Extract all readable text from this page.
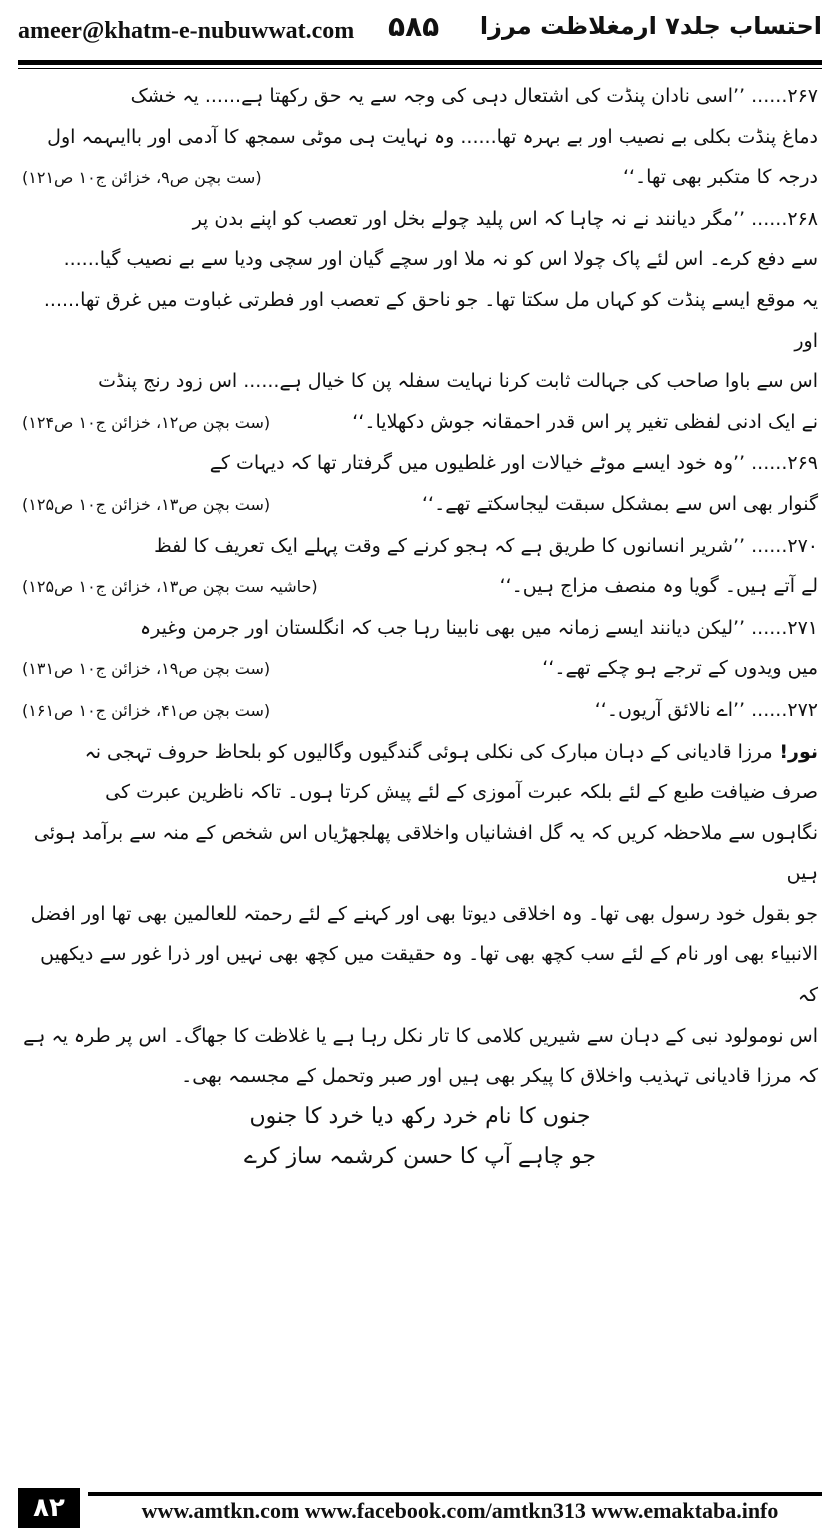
ameer@khatm-e-nubuwwat.com ۵۸۵ احتساب جلد۷ ارمغلاظت مرزا

۲۶۷...... ’’اسی نادان پنڈت کی اشتعال دہی کی وجہ سے یہ حق رکھتا ہے...... یہ خشک

دماغ پنڈت بکلی بے نصیب اور بے بہرہ تھا...... وہ نہایت ہی موٹی سمجھ کا آدمی اور باایںہمہ اول

درجہ کا متکبر بھی تھا۔‘‘
(ست بچن ص۹، خزائن ج۱۰ ص۱۲۱)

۲۶۸...... ’’مگر دیانند نے نہ چاہا کہ اس پلید چولے بخل اور تعصب کو اپنے بدن پر

سے دفع کرے۔ اس لئے پاک چولا اس کو نہ ملا اور سچے گیان اور سچی ودیا سے بے نصیب گیا......

یہ موقع ایسے پنڈت کو کہاں مل سکتا تھا۔ جو ناحق کے تعصب اور فطرتی غباوت میں غرق تھا...... اور

اس سے باوا صاحب کی جہالت ثابت کرنا نہایت سفلہ پن کا خیال ہے...... اس زود رنج پنڈت

نے ایک ادنی لفظی تغیر پر اس قدر احمقانہ جوش دکھلایا۔‘‘
(ست بچن ص۱۲، خزائن ج۱۰ ص۱۲۴)

۲۶۹...... ’’وہ خود ایسے موٹے خیالات اور غلطیوں میں گرفتار تھا کہ دیہات کے

گنوار بھی اس سے بمشکل سبقت لیجاسکتے تھے۔‘‘
(ست بچن ص۱۳، خزائن ج۱۰ ص۱۲۵)

۲۷۰...... ’’شریر انسانوں کا طریق ہے کہ ہجو کرنے کے وقت پہلے ایک تعریف کا لفظ

لے آتے ہیں۔ گویا وہ منصف مزاج ہیں۔‘‘
(حاشیہ ست بچن ص۱۳، خزائن ج۱۰ ص۱۲۵)

۲۷۱...... ’’لیکن دیانند ایسے زمانہ میں بھی نابینا رہا جب کہ انگلستان اور جرمن وغیرہ

میں ویدوں کے ترجے ہو چکے تھے۔‘‘
(ست بچن ص۱۹، خزائن ج۱۰ ص۱۳۱)

۲۷۲...... ’’اے نالائق آریوں۔‘‘
(ست بچن ص۴۱، خزائن ج۱۰ ص۱۶۱)

نور! مرزا قادیانی کے دہان مبارک کی نکلی ہوئی گندگیوں وگالیوں کو بلحاظ حروف تہجی نہ

صرف ضیافت طبع کے لئے بلکہ عبرت آموزی کے لئے پیش کرتا ہوں۔ تاکہ ناظرین عبرت کی

نگاہوں سے ملاحظہ کریں کہ یہ گل افشانیاں واخلاقی پھلجھڑیاں اس شخص کے منہ سے برآمد ہوئی ہیں

جو بقول خود رسول بھی تھا۔ وہ اخلاقی دیوتا بھی اور کہنے کے لئے رحمتہ للعالمین بھی تھا اور افضل

الانبیاء بھی اور نام کے لئے سب کچھ بھی تھا۔ وہ حقیقت میں کچھ بھی نہیں اور ذرا غور سے دیکھیں کہ

اس نومولود نبی کے دہان سے شیریں کلامی کا تار نکل رہا ہے یا غلاظت کا جھاگ۔ اس پر طرہ یہ ہے

کہ مرزا قادیانی تہذیب واخلاق کا پیکر بھی ہیں اور صبر وتحمل کے مجسمہ بھی۔

جنوں کا نام خرد رکھ دیا خرد کا جنوں

جو چاہے آپ کا حسن کرشمہ ساز کرے

۸۲	www.amtkn.com www.facebook.com/amtkn313 www.emaktaba.info
